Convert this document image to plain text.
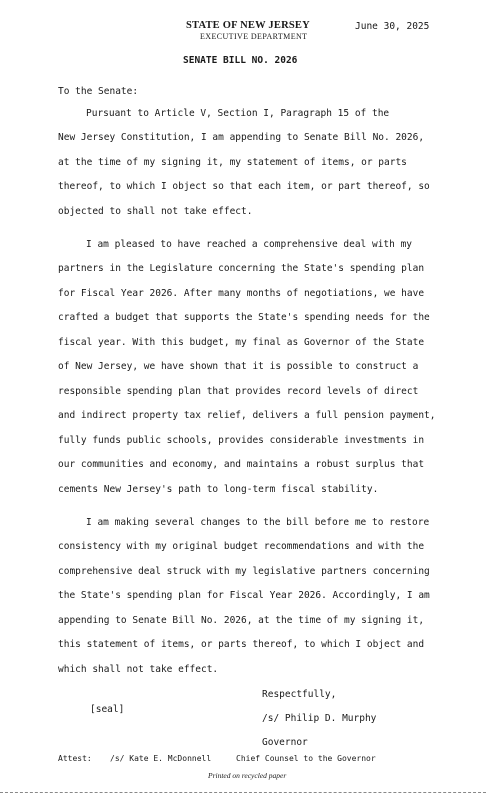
STATE OF NEW JERSEY
EXECUTIVE DEPARTMENT
June 30, 2025
SENATE BILL NO. 2026
To the Senate:
Pursuant to Article V, Section I, Paragraph 15 of the
New Jersey Constitution, I am appending to Senate Bill No. 2026,
at the time of my signing it, my statement of items, or parts
thereof, to which I object so that each item, or part thereof, so
objected to shall not take effect.
I am pleased to have reached a comprehensive deal with my
partners in the Legislature concerning the State's spending plan
for Fiscal Year 2026. After many months of negotiations, we have
crafted a budget that supports the State's spending needs for the
fiscal year. With this budget, my final as Governor of the State
of New Jersey, we have shown that it is possible to construct a
responsible spending plan that provides record levels of direct
and indirect property tax relief, delivers a full pension payment,
fully funds public schools, provides considerable investments in
our communities and economy, and maintains a robust surplus that
cements New Jersey's path to long-term fiscal stability.
I am making several changes to the bill before me to restore
consistency with my original budget recommendations and with the
comprehensive deal struck with my legislative partners concerning
the State's spending plan for Fiscal Year 2026. Accordingly, I am
appending to Senate Bill No. 2026, at the time of my signing it,
this statement of items, or parts thereof, to which I object and
which shall not take effect.
Respectfully,
[seal]
/s/ Philip D. Murphy
Governor
Attest: /s/ Kate E. McDonnell	Chief Counsel to the Governor
Printed on recycled paper
